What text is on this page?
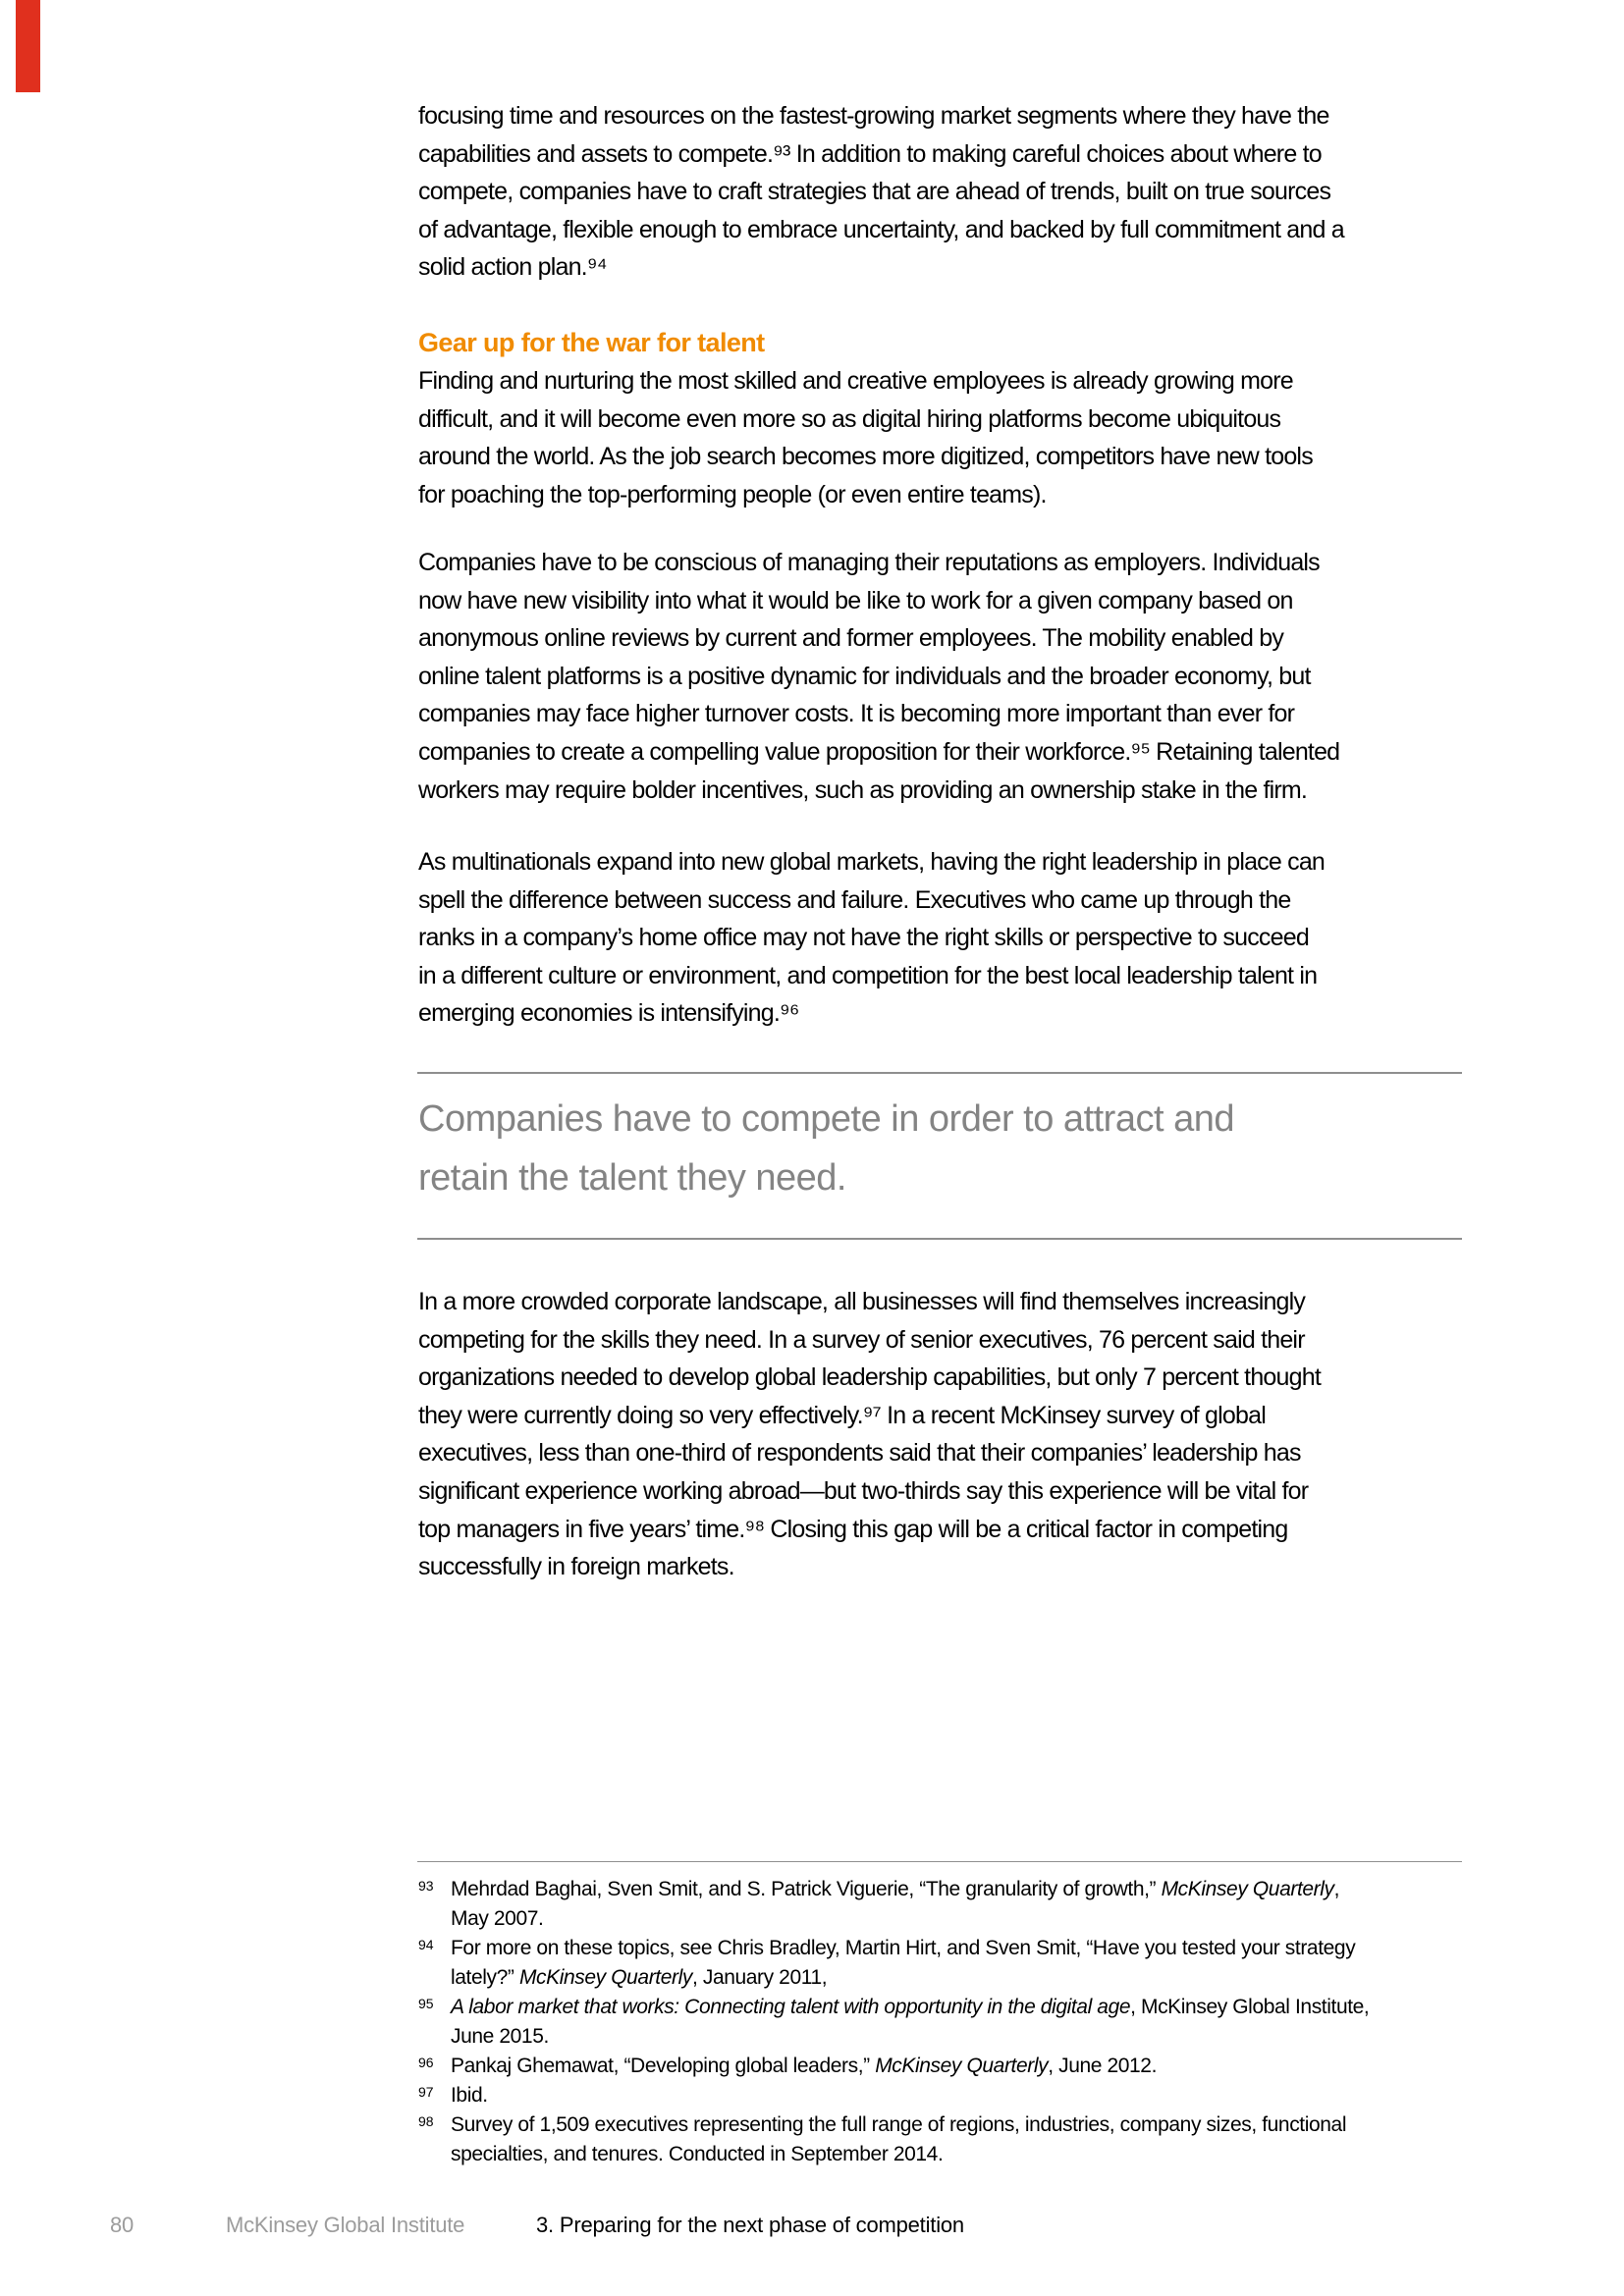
focusing time and resources on the fastest-growing market segments where they have the
capabilities and assets to compete.⁹³ In addition to making careful choices about where to
compete, companies have to craft strategies that are ahead of trends, built on true sources
of advantage, flexible enough to embrace uncertainty, and backed by full commitment and a
solid action plan.⁹⁴
Gear up for the war for talent
Finding and nurturing the most skilled and creative employees is already growing more
difficult, and it will become even more so as digital hiring platforms become ubiquitous
around the world. As the job search becomes more digitized, competitors have new tools
for poaching the top-performing people (or even entire teams).
Companies have to be conscious of managing their reputations as employers. Individuals
now have new visibility into what it would be like to work for a given company based on
anonymous online reviews by current and former employees. The mobility enabled by
online talent platforms is a positive dynamic for individuals and the broader economy, but
companies may face higher turnover costs. It is becoming more important than ever for
companies to create a compelling value proposition for their workforce.⁹⁵ Retaining talented
workers may require bolder incentives, such as providing an ownership stake in the firm.
As multinationals expand into new global markets, having the right leadership in place can
spell the difference between success and failure. Executives who came up through the
ranks in a company’s home office may not have the right skills or perspective to succeed
in a different culture or environment, and competition for the best local leadership talent in
emerging economies is intensifying.⁹⁶
Companies have to compete in order to attract and
retain the talent they need.
In a more crowded corporate landscape, all businesses will find themselves increasingly
competing for the skills they need. In a survey of senior executives, 76 percent said their
organizations needed to develop global leadership capabilities, but only 7 percent thought
they were currently doing so very effectively.⁹⁷ In a recent McKinsey survey of global
executives, less than one-third of respondents said that their companies’ leadership has
significant experience working abroad—but two-thirds say this experience will be vital for
top managers in five years’ time.⁹⁸ Closing this gap will be a critical factor in competing
successfully in foreign markets.
93 Mehrdad Baghai, Sven Smit, and S. Patrick Viguerie, “The granularity of growth,” McKinsey Quarterly,
May 2007.
94 For more on these topics, see Chris Bradley, Martin Hirt, and Sven Smit, “Have you tested your strategy
lately?” McKinsey Quarterly, January 2011,
95 A labor market that works: Connecting talent with opportunity in the digital age, McKinsey Global Institute,
June 2015.
96 Pankaj Ghemawat, “Developing global leaders,” McKinsey Quarterly, June 2012.
97 Ibid.
98 Survey of 1,509 executives representing the full range of regions, industries, company sizes, functional
specialties, and tenures. Conducted in September 2014.
80	McKinsey Global Institute	3. Preparing for the next phase of competition
